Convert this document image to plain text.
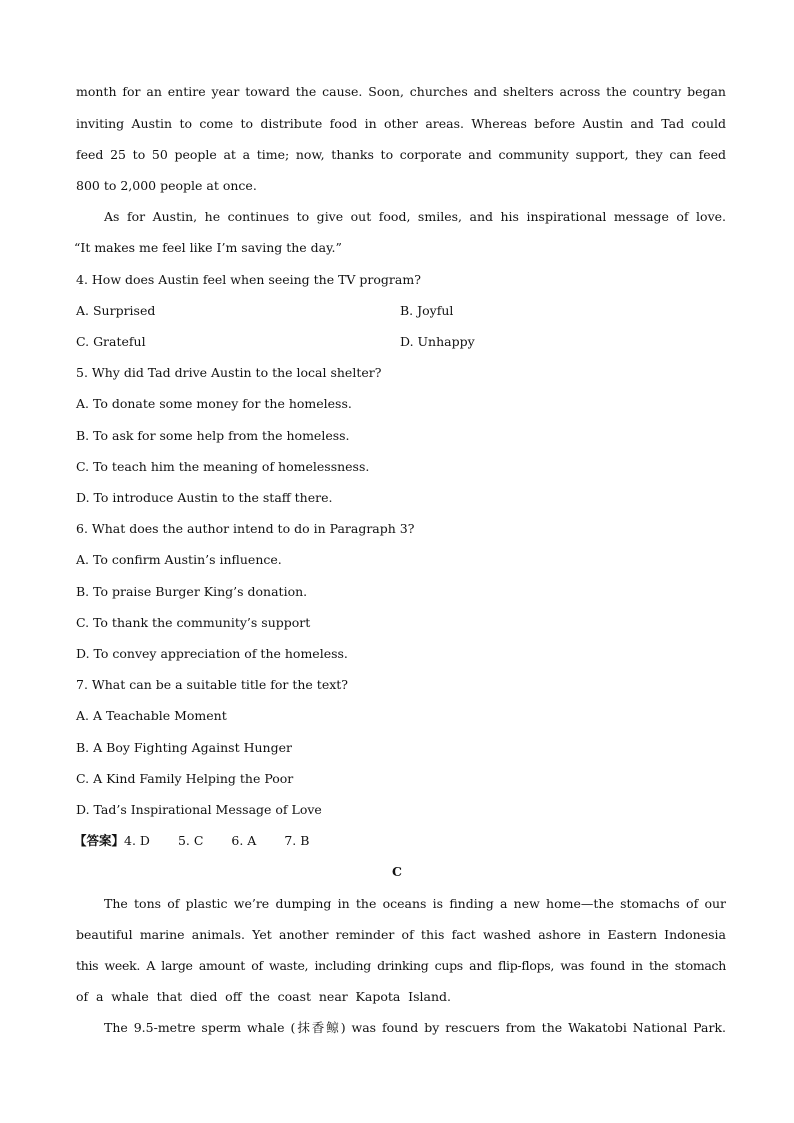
month for an entire year toward the cause. Soon, churches and shelters across the country began
inviting Austin to come to distribute food in other areas. Whereas before Austin and Tad could
feed 25 to 50 people at a time; now, thanks to corporate and community support, they can feed
800 to 2,000 people at once.
As for Austin, he continues to give out food, smiles, and his inspirational message of love.
“It makes me feel like I’m saving the day.”
4. How does Austin feel when seeing the TV program?
A. Surprised	B. Joyful
C. Grateful	D. Unhappy
5. Why did Tad drive Austin to the local shelter?
A. To donate some money for the homeless.
B. To ask for some help from the homeless.
C. To teach him the meaning of homelessness.
D. To introduce Austin to the staff there.
6. What does the author intend to do in Paragraph 3?
A. To confirm Austin’s influence.
B. To praise Burger King’s donation.
C. To thank the community’s support
D. To convey appreciation of the homeless.
7. What can be a suitable title for the text?
A. A Teachable Moment
B. A Boy Fighting Against Hunger
C. A Kind Family Helping the Poor
D. Tad’s Inspirational Message of Love
【答案】4. D 5. C 6. A 7. B
C
The tons of plastic we’re dumping in the oceans is finding a new home—the stomachs of our
beautiful marine animals. Yet another reminder of this fact washed ashore in Eastern Indonesia
this week. A large amount of waste, including drinking cups and flip-flops, was found in the stomach
of a whale that died off the coast near Kapota Island.
The 9.5-metre sperm whale (抹香鲸) was found by rescuers from the Wakatobi National Park.
